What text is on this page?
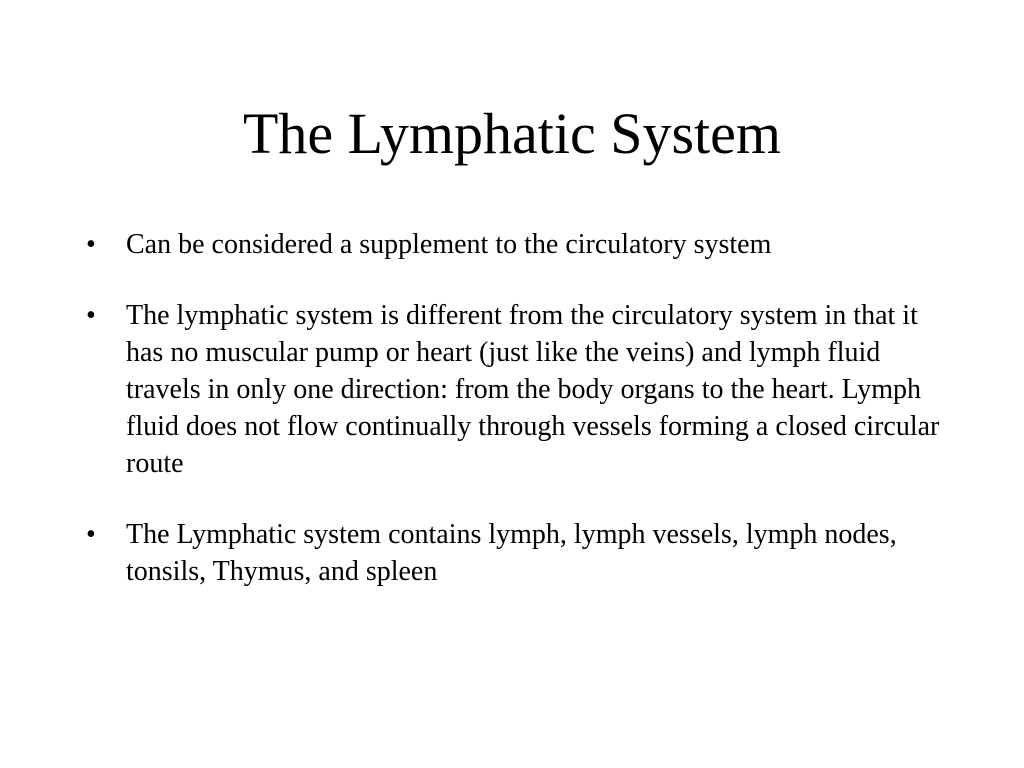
The Lymphatic System
•	Can be considered a supplement to the circulatory system
•	The lymphatic system is different from the circulatory system in that it has no muscular pump or heart (just like the veins) and lymph fluid travels in only one direction: from the body organs to the heart. Lymph fluid does not flow continually through vessels forming a closed circular route
•	The Lymphatic system contains lymph, lymph vessels, lymph nodes, tonsils, Thymus, and spleen
